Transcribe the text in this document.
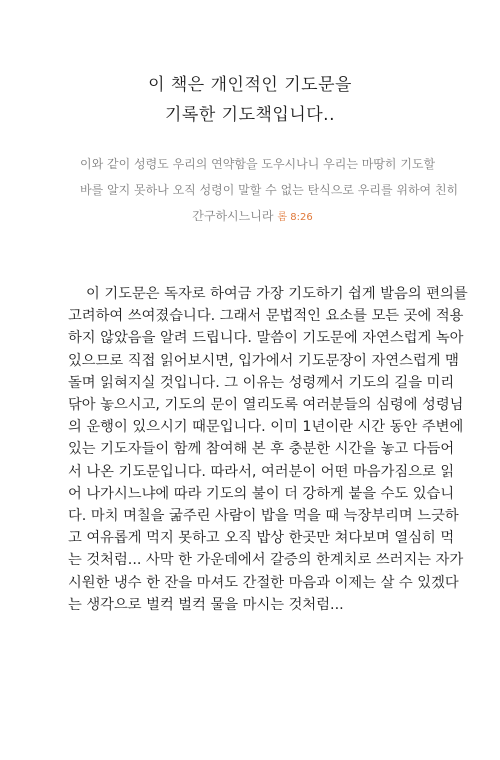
이 책은 개인적인 기도문을
기록한 기도책입니다..
이와 같이 성령도 우리의 연약함을 도우시나니 우리는 마땅히 기도할
바를 알지 못하나 오직 성령이 말할 수 없는 탄식으로 우리를 위하여 친히
간구하시느니라 롬 8:26
이 기도문은 독자로 하여금 가장 기도하기 쉽게 발음의 편의를
고려하여 쓰여졌습니다. 그래서 문법적인 요소를 모든 곳에 적용
하지 않았음을 알려 드립니다. 말씀이 기도문에 자연스럽게 녹아
있으므로 직접 읽어보시면, 입가에서 기도문장이 자연스럽게 맴
돌며 읽혀지실 것입니다. 그 이유는 성령께서 기도의 길을 미리
닦아 놓으시고, 기도의 문이 열리도록 여러분들의 심령에 성령님
의 운행이 있으시기 때문입니다. 이미 1년이란 시간 동안 주변에
있는 기도자들이 함께 참여해 본 후 충분한 시간을 놓고 다듬어
서 나온 기도문입니다. 따라서, 여러분이 어떤 마음가짐으로 읽
어 나가시느냐에 따라 기도의 불이 더 강하게 붙을 수도 있습니
다. 마치 며칠을 굶주린 사람이 밥을 먹을 때 늑장부리며 느긋하
고 여유롭게 먹지 못하고 오직 밥상 한곳만 쳐다보며 열심히 먹
는 것처럼... 사막 한 가운데에서 갈증의 한계치로 쓰러지는 자가
시원한 냉수 한 잔을 마셔도 간절한 마음과 이제는 살 수 있겠다
는 생각으로 벌컥 벌컥 물을 마시는 것처럼...
